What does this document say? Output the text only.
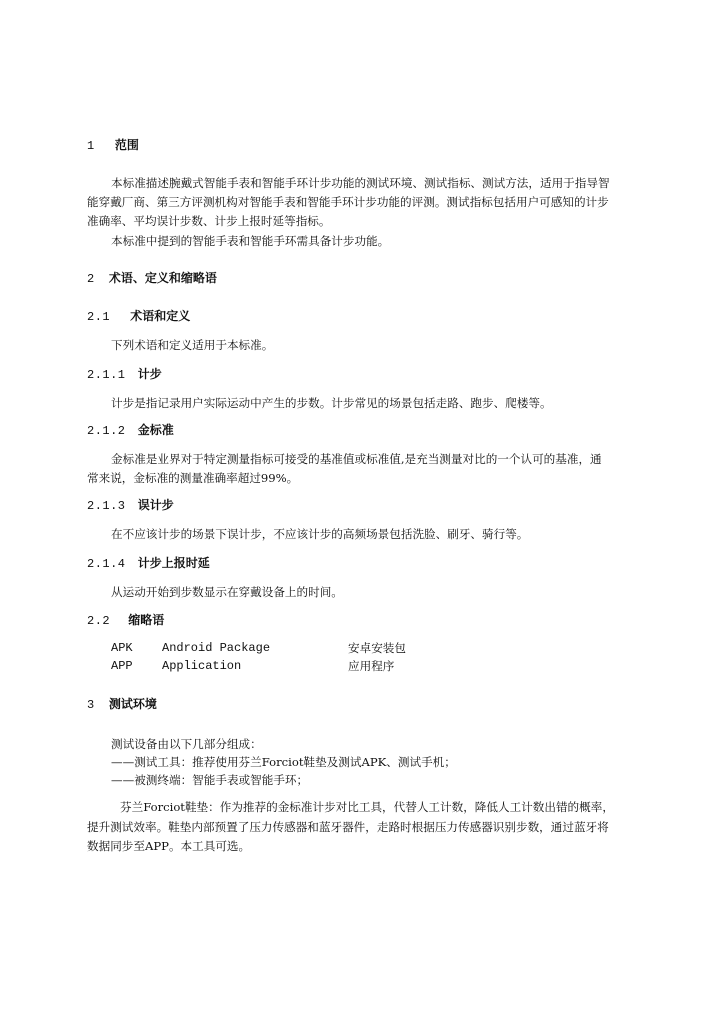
1 范围
本标准描述腕戴式智能手表和智能手环计步功能的测试环境、测试指标、测试方法，适用于指导智
能穿戴厂商、第三方评测机构对智能手表和智能手环计步功能的评测。测试指标包括用户可感知的计步
准确率、平均误计步数、计步上报时延等指标。
本标准中提到的智能手表和智能手环需具备计步功能。
2 术语、定义和缩略语
2.1 术语和定义
下列术语和定义适用于本标准。
2.1.1 计步
计步是指记录用户实际运动中产生的步数。计步常见的场景包括走路、跑步、爬楼等。
2.1.2 金标准
金标准是业界对于特定测量指标可接受的基准值或标准值,是充当测量对比的一个认可的基准，通
常来说，金标准的测量准确率超过99%。
2.1.3 误计步
在不应该计步的场景下误计步，不应该计步的高频场景包括洗脸、刷牙、骑行等。
2.1.4 计步上报时延
从运动开始到步数显示在穿戴设备上的时间。
2.2 缩略语
APK Android Package	安卓安装包
APP Application	应用程序
3 测试环境
测试设备由以下几部分组成：
——测试工具：推荐使用芬兰Forciot鞋垫及测试APK、测试手机；
——被测终端：智能手表或智能手环；
芬兰Forciot鞋垫：作为推荐的金标准计步对比工具，代替人工计数，降低人工计数出错的概率，
提升测试效率。鞋垫内部预置了压力传感器和蓝牙器件，走路时根据压力传感器识别步数，通过蓝牙将
数据同步至APP。本工具可选。
